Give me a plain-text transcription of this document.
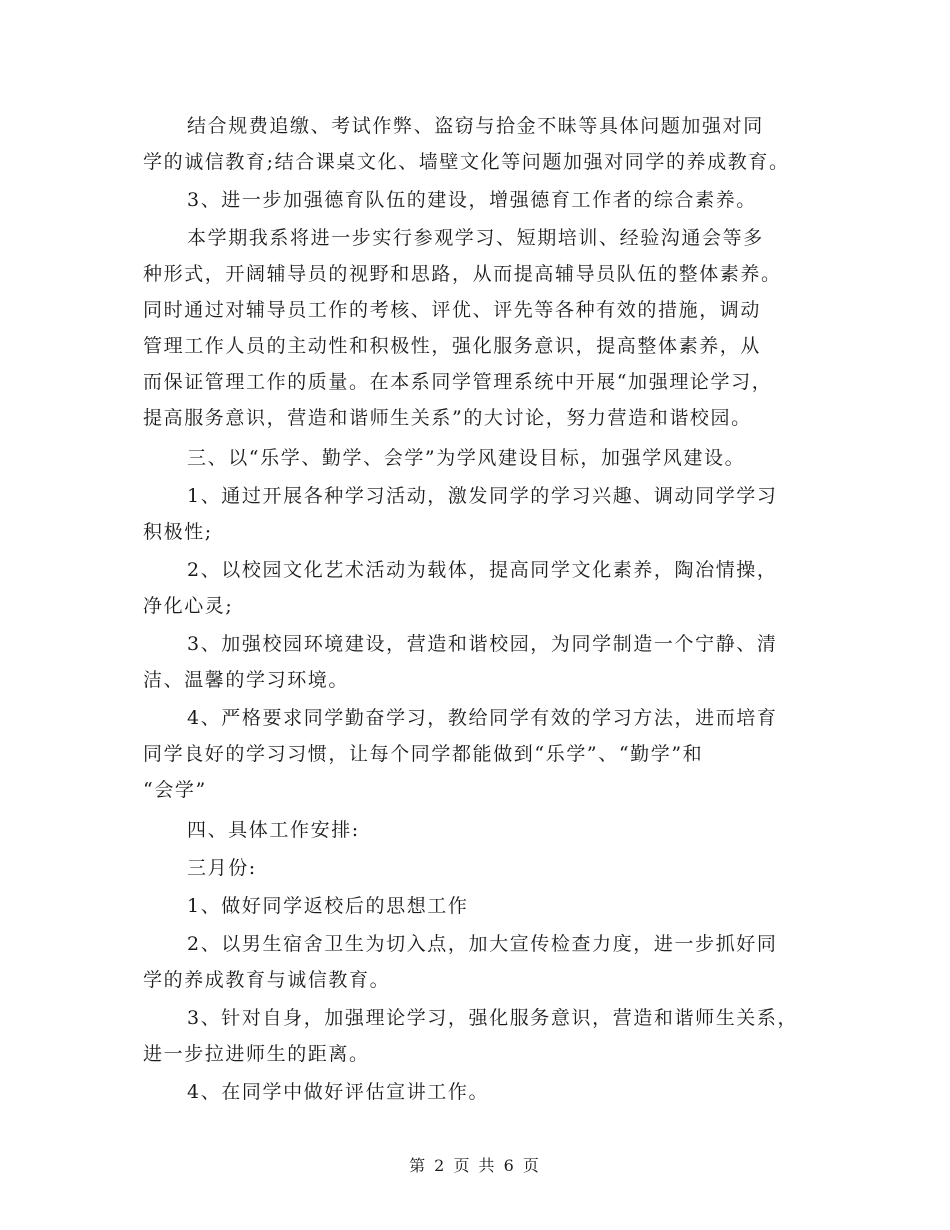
结合规费追缴、考试作弊、盗窃与拾金不昧等具体问题加强对同
学的诚信教育;结合课桌文化、墙壁文化等问题加强对同学的养成教育。
3、进一步加强德育队伍的建设，增强德育工作者的综合素养。
本学期我系将进一步实行参观学习、短期培训、经验沟通会等多
种形式，开阔辅导员的视野和思路，从而提高辅导员队伍的整体素养。
同时通过对辅导员工作的考核、评优、评先等各种有效的措施，调动
管理工作人员的主动性和积极性，强化服务意识，提高整体素养，从
而保证管理工作的质量。在本系同学管理系统中开展“加强理论学习，
提高服务意识，营造和谐师生关系”的大讨论，努力营造和谐校园。
三、以“乐学、勤学、会学”为学风建设目标，加强学风建设。
1、通过开展各种学习活动，激发同学的学习兴趣、调动同学学习
积极性;
2、以校园文化艺术活动为载体，提高同学文化素养，陶冶情操，
净化心灵;
3、加强校园环境建设，营造和谐校园，为同学制造一个宁静、清
洁、温馨的学习环境。
4、严格要求同学勤奋学习，教给同学有效的学习方法，进而培育
同学良好的学习习惯，让每个同学都能做到“乐学”、“勤学”和
“会学”
四、具体工作安排:
三月份:
1、做好同学返校后的思想工作
2、以男生宿舍卫生为切入点，加大宣传检查力度，进一步抓好同
学的养成教育与诚信教育。
3、针对自身，加强理论学习，强化服务意识，营造和谐师生关系，
进一步拉进师生的距离。
4、在同学中做好评估宣讲工作。
第 2 页 共 6 页
